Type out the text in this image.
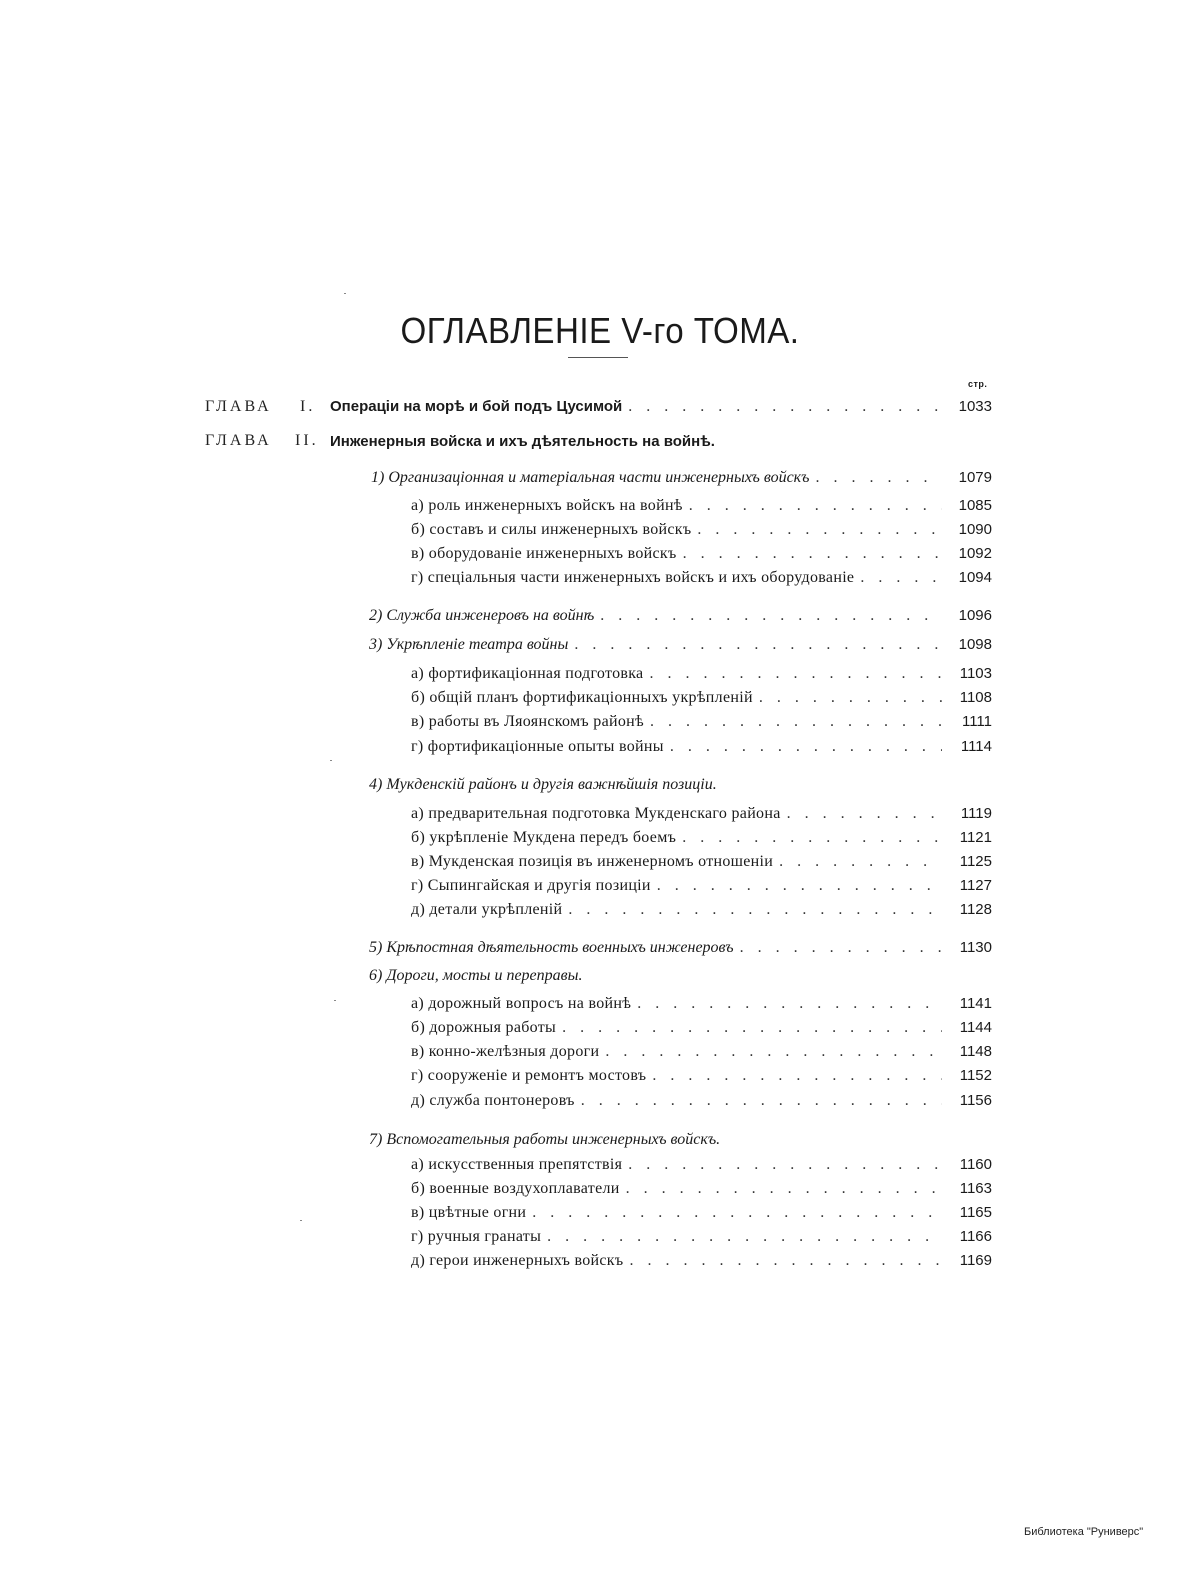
ОГЛАВЛЕНIЕ V-го ТОМА.
стр.
ГЛАВА I. Операцiи на морѣ и бой подъ Цусимой . . .	1033
ГЛАВА II. Инженерныя войска и ихъ дѣятельность на войнѣ.
1) Организацiонная и матерiальная части инженерныхъ войскъ . . .	1079
а) роль инженерныхъ войскъ на войнѣ . . .	1085
б) составъ и силы инженерныхъ войскъ . . .	1090
в) оборудованiе инженерныхъ войскъ . . .	1092
г) спецiальныя части инженерныхъ войскъ и ихъ оборудованiе . . .	1094
2) Служба инженеровъ на войнѣ . . .	1096
3) Укрѣпленiе театра войны . . .	1098
а) фортификацiонная подготовка . . .	1103
б) общiй планъ фортификацiонныхъ укрѣпленiй . . .	1108
в) работы въ Ляоянскомъ районѣ . . .	1111
г) фортификацiонные опыты войны . . .	1114
4) Мукденскiй районъ и другiя важнѣйшiя позицiи.
а) предварительная подготовка Мукденскаго района . . .	1119
б) укрѣпленiе Мукдена передъ боемъ . . .	1121
в) Мукденская позицiя въ инженерномъ отношенiи . . .	1125
г) Сыпингайская и другiя позицiи . . .	1127
д) детали укрѣпленiй . . .	1128
5) Крѣпостная дѣятельность военныхъ инженеровъ . . .	1130
6) Дороги, мосты и переправы.
а) дорожный вопросъ на войнѣ . . .	1141
б) дорожныя работы . . .	1144
в) конно-желѣзныя дороги . . .	1148
г) сооруженiе и ремонтъ мостовъ . . .	1152
д) служба понтонеровъ . . .	1156
7) Вспомогательныя работы инженерныхъ войскъ.
а) искусственныя препятствiя . . .	1160
б) военные воздухоплаватели . . .	1163
в) цвѣтные огни . . .	1165
г) ручныя гранаты . . .	1166
д) герои инженерныхъ войскъ . . .	1169
Библиотека "Руниверс"
